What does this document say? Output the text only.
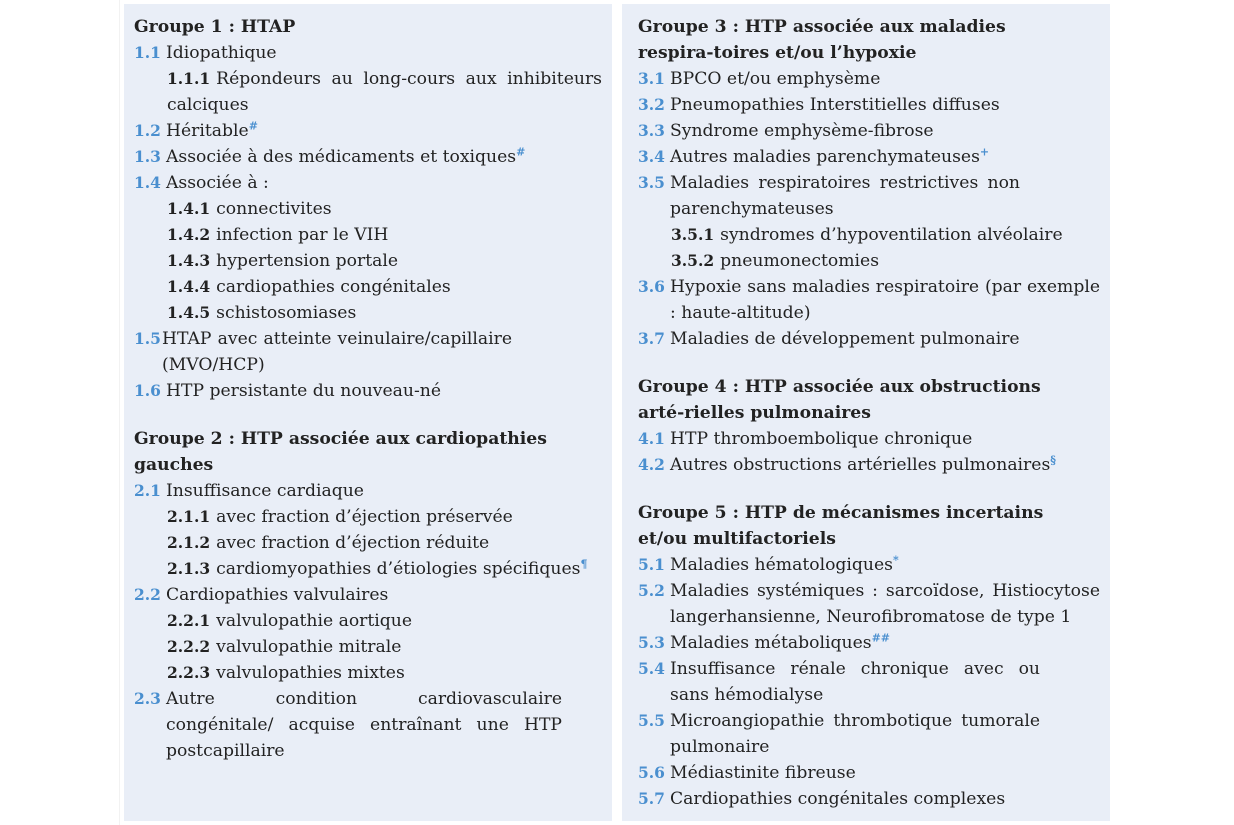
Groupe 1 : HTAP
1.1 Idiopathique
1.1.1 Répondeurs au long-cours aux inhibiteurs calciques
1.2 Héritable#
1.3 Associée à des médicaments et toxiques#
1.4 Associée à :
1.4.1 connectivites
1.4.2 infection par le VIH
1.4.3 hypertension portale
1.4.4 cardiopathies congénitales
1.4.5 schistosomiases
1.5 HTAP avec atteinte veinulaire/capillaire (MVO/HCP)
1.6 HTP persistante du nouveau-né
Groupe 2 : HTP associée aux cardiopathies gauches
2.1 Insuffisance cardiaque
2.1.1 avec fraction d’éjection préservée
2.1.2 avec fraction d’éjection réduite
2.1.3 cardiomyopathies d’étiologies spécifiques¶
2.2 Cardiopathies valvulaires
2.2.1 valvulopathie aortique
2.2.2 valvulopathie mitrale
2.2.3 valvulopathies mixtes
2.3 Autre condition cardiovasculaire congénitale/ acquise entraînant une HTP postcapillaire
Groupe 3 : HTP associée aux maladies respira-toires et/ou l’hypoxie
3.1 BPCO et/ou emphysème
3.2 Pneumopathies Interstitielles diffuses
3.3 Syndrome emphysème-fibrose
3.4 Autres maladies parenchymateuses+
3.5 Maladies respiratoires restrictives non parenchymateuses
3.5.1 syndromes d’hypoventilation alvéolaire
3.5.2 pneumonectomies
3.6 Hypoxie sans maladies respiratoire (par exemple : haute-altitude)
3.7 Maladies de développement pulmonaire
Groupe 4 : HTP associée aux obstructions arté-rielles pulmonaires
4.1 HTP thromboembolique chronique
4.2 Autres obstructions artérielles pulmonaires§
Groupe 5 : HTP de mécanismes incertains et/ou multifactoriels
5.1 Maladies hématologiques*
5.2 Maladies systémiques : sarcoïdose, Histiocytose langerhansienne, Neurofibromatose de type 1
5.3 Maladies métaboliques##
5.4 Insuffisance rénale chronique avec ou sans hémodialyse
5.5 Microangiopathie thrombotique tumorale pulmonaire
5.6 Médiastinite fibreuse
5.7 Cardiopathies congénitales complexes
